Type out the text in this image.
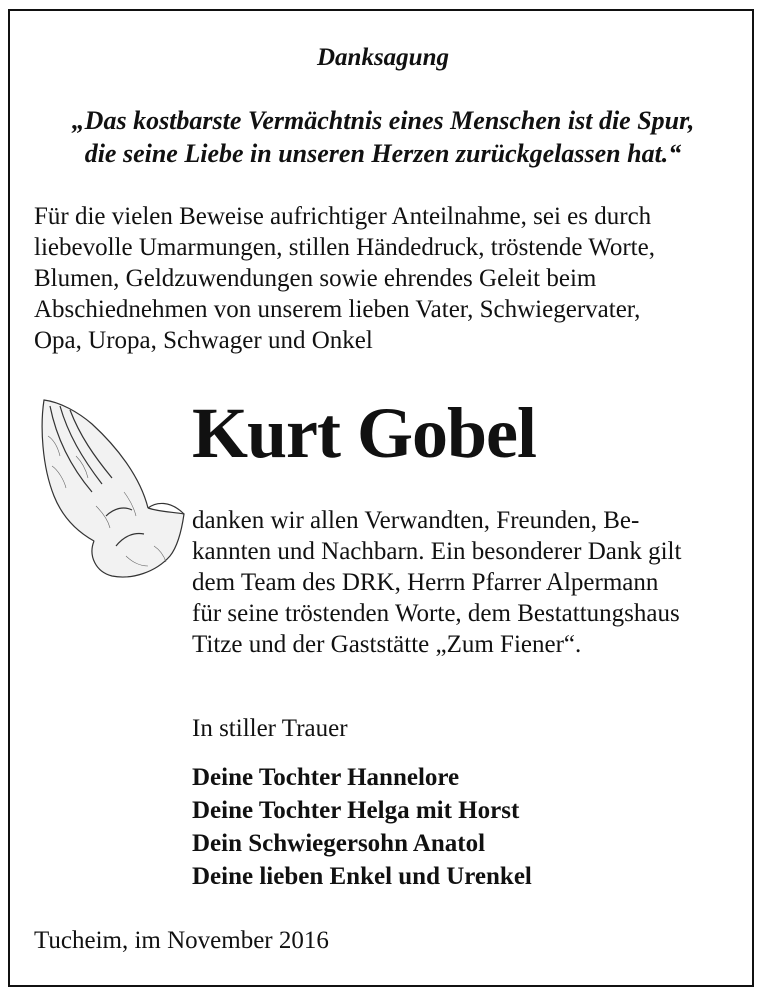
Danksagung
„Das kostbarste Vermächtnis eines Menschen ist die Spur,
die seine Liebe in unseren Herzen zurückgelassen hat.“
Für die vielen Beweise aufrichtiger Anteilnahme, sei es durch
liebevolle Umarmungen, stillen Händedruck, tröstende Worte,
Blumen, Geldzuwendungen sowie ehrendes Geleit beim
Abschiednehmen von unserem lieben Vater, Schwiegervater,
Opa, Uropa, Schwager und Onkel
Kurt Gobel
danken wir allen Verwandten, Freunden, Be-
kannten und Nachbarn. Ein besonderer Dank gilt
dem Team des DRK, Herrn Pfarrer Alpermann
für seine tröstenden Worte, dem Bestattungshaus
Titze und der Gaststätte „Zum Fiener“.
In stiller Trauer
Deine Tochter Hannelore
Deine Tochter Helga mit Horst
Dein Schwiegersohn Anatol
Deine lieben Enkel und Urenkel
Tucheim, im November 2016
